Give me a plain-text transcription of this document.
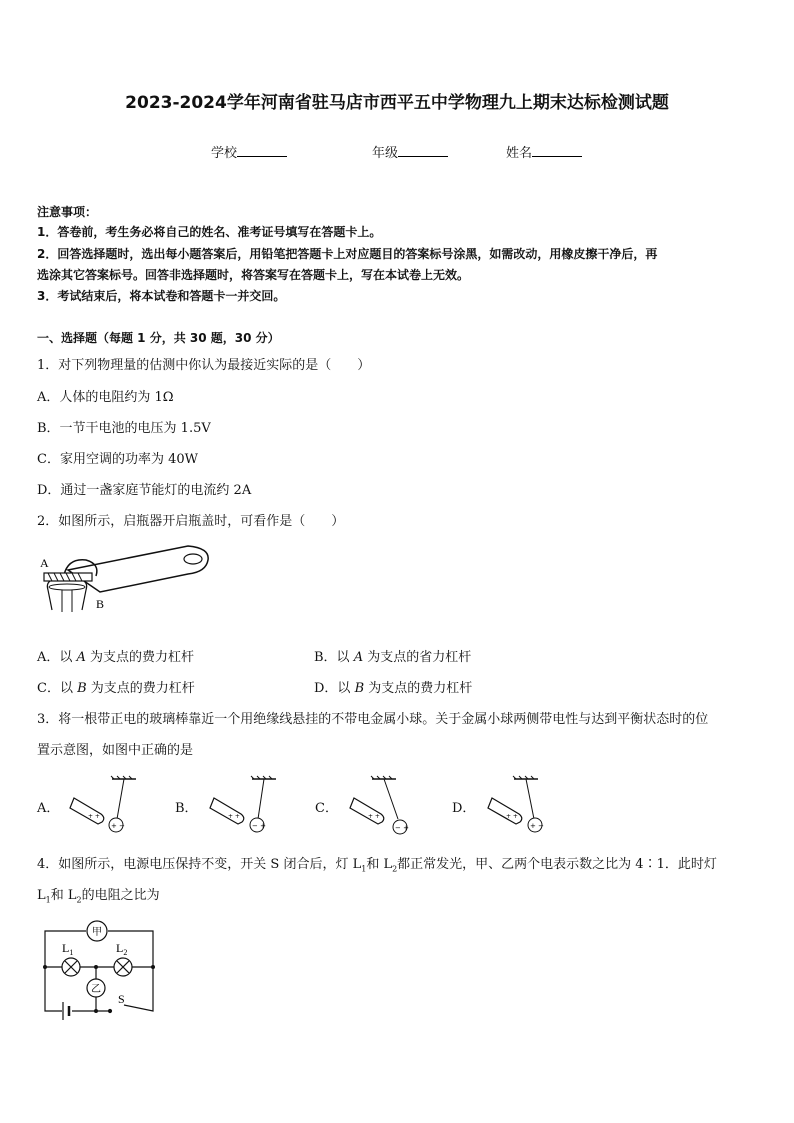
2023-2024学年河南省驻马店市西平五中学物理九上期末达标检测试题
学校	年级	姓名
注意事项：
1．答卷前，考生务必将自己的姓名、准考证号填写在答题卡上。
2．回答选择题时，选出每小题答案后，用铅笔把答题卡上对应题目的答案标号涂黑，如需改动，用橡皮擦干净后，再
选涂其它答案标号。回答非选择题时，将答案写在答题卡上，写在本试卷上无效。
3．考试结束后，将本试卷和答题卡一并交回。
一、选择题（每题 1 分，共 30 题，30 分）
1．对下列物理量的估测中你认为最接近实际的是（　　）
A．人体的电阻约为 1Ω
B．一节干电池的电压为 1.5V
C．家用空调的功率为 40W
D．通过一盏家庭节能灯的电流约 2A
2．如图所示，启瓶器开启瓶盖时，可看作是（　　）
A
B
A．以 A 为支点的费力杠杆	B．以 A 为支点的省力杠杆
C．以 B 为支点的费力杠杆	D．以 B 为支点的费力杠杆
3．将一根带正电的玻璃棒靠近一个用绝缘线悬挂的不带电金属小球。关于金属小球两侧带电性与达到平衡状态时的位
置示意图，如图中正确的是
A．	B．	C．	D．
+ −
+ +
− +
+ +
− +
+ +
+ −
+ +
4．如图所示，电源电压保持不变，开关 S 闭合后，灯 $L_1$和 $L_2$都正常发光，甲、乙两个电表示数之比为 4∶1．此时灯
$L_1$和 $L_2$的电阻之比为
甲
乙
$L_1$	$L_2$
S
